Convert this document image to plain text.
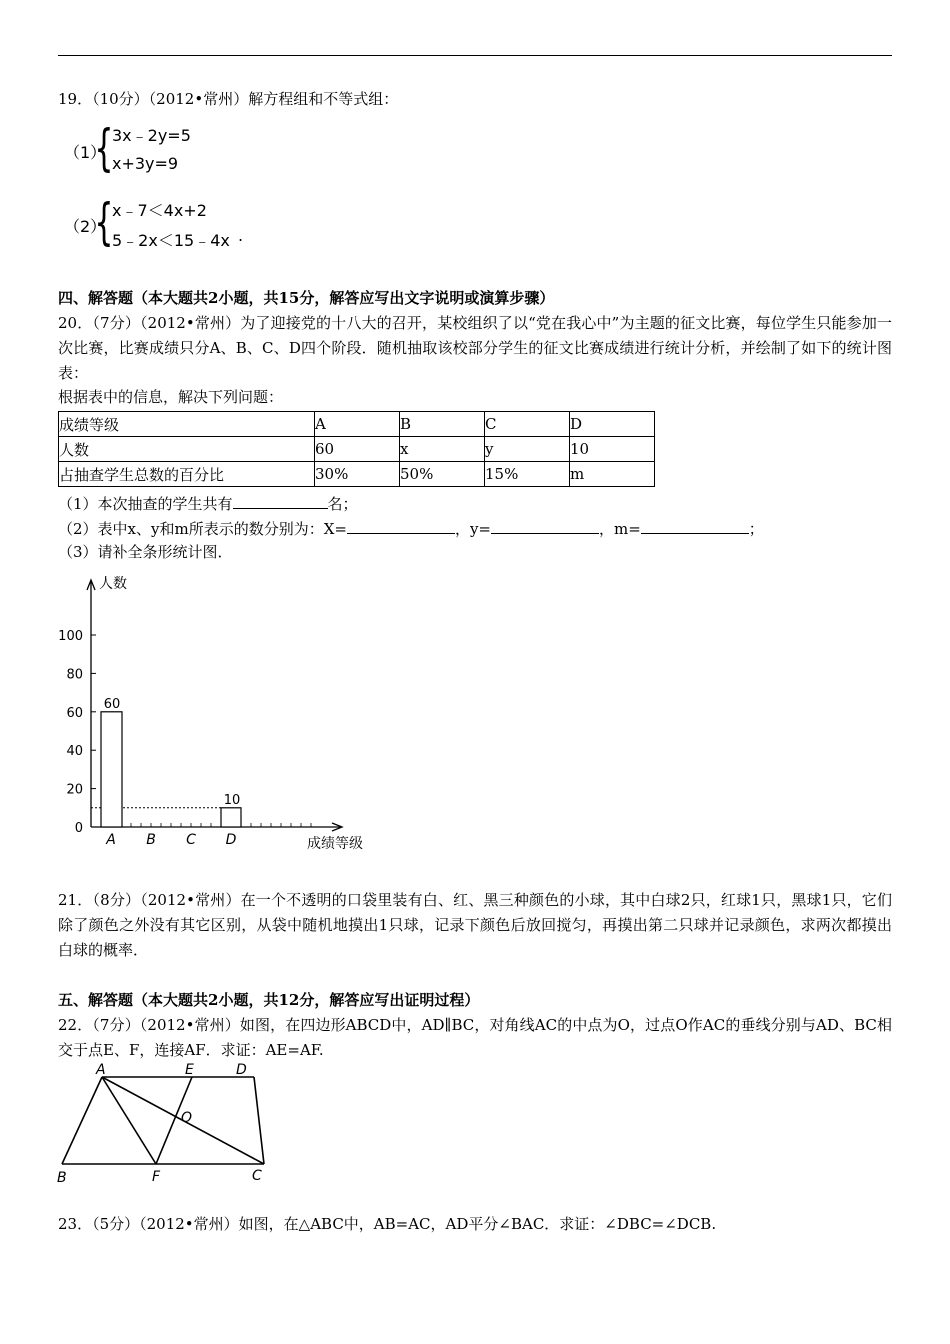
19．（10分）（2012•常州）解方程组和不等式组：
（1）
{
3x﹣2y=5
x+3y=9
（2）
{
x﹣7＜4x+2
5﹣2x＜15﹣4x .
四、解答题（本大题共2小题，共15分，解答应写出文字说明或演算步骤）
20．（7分）（2012•常州）为了迎接党的十八大的召开，某校组织了以“党在我心中”为主题的征文比赛，每位学生只能参加一次比赛，比赛成绩只分A、B、C、D四个阶段．随机抽取该校部分学生的征文比赛成绩进行统计分析，并绘制了如下的统计图表：
根据表中的信息，解决下列问题：
成绩等级	A	B	C	D
人数	60	x	y	10
占抽查学生总数的百分比	30%	50%	15%	m
（1）本次抽查的学生共有	名；
（2）表中x、y和m所表示的数分别为：X=	，y=	，m=	；
（3）请补全条形统计图．
0
20
40
60
80
100
60
A B C
10
D
人数
成绩等级
21．（8分）（2012•常州）在一个不透明的口袋里装有白、红、黑三种颜色的小球，其中白球2只，红球1只，黑球1只，它们除了颜色之外没有其它区别，从袋中随机地摸出1只球，记录下颜色后放回搅匀，再摸出第二只球并记录颜色，求两次都摸出白球的概率．
五、解答题（本大题共2小题，共12分，解答应写出证明过程）
22．（7分）（2012•常州）如图，在四边形ABCD中，AD∥BC，对角线AC的中点为O，过点O作AC的垂线分别与AD、BC相交于点E、F，连接AF．求证：AE=AF.
A	E	D
O
B	F	C
23．（5分）（2012•常州）如图，在△ABC中，AB=AC，AD平分∠BAC．求证：∠DBC=∠DCB.
